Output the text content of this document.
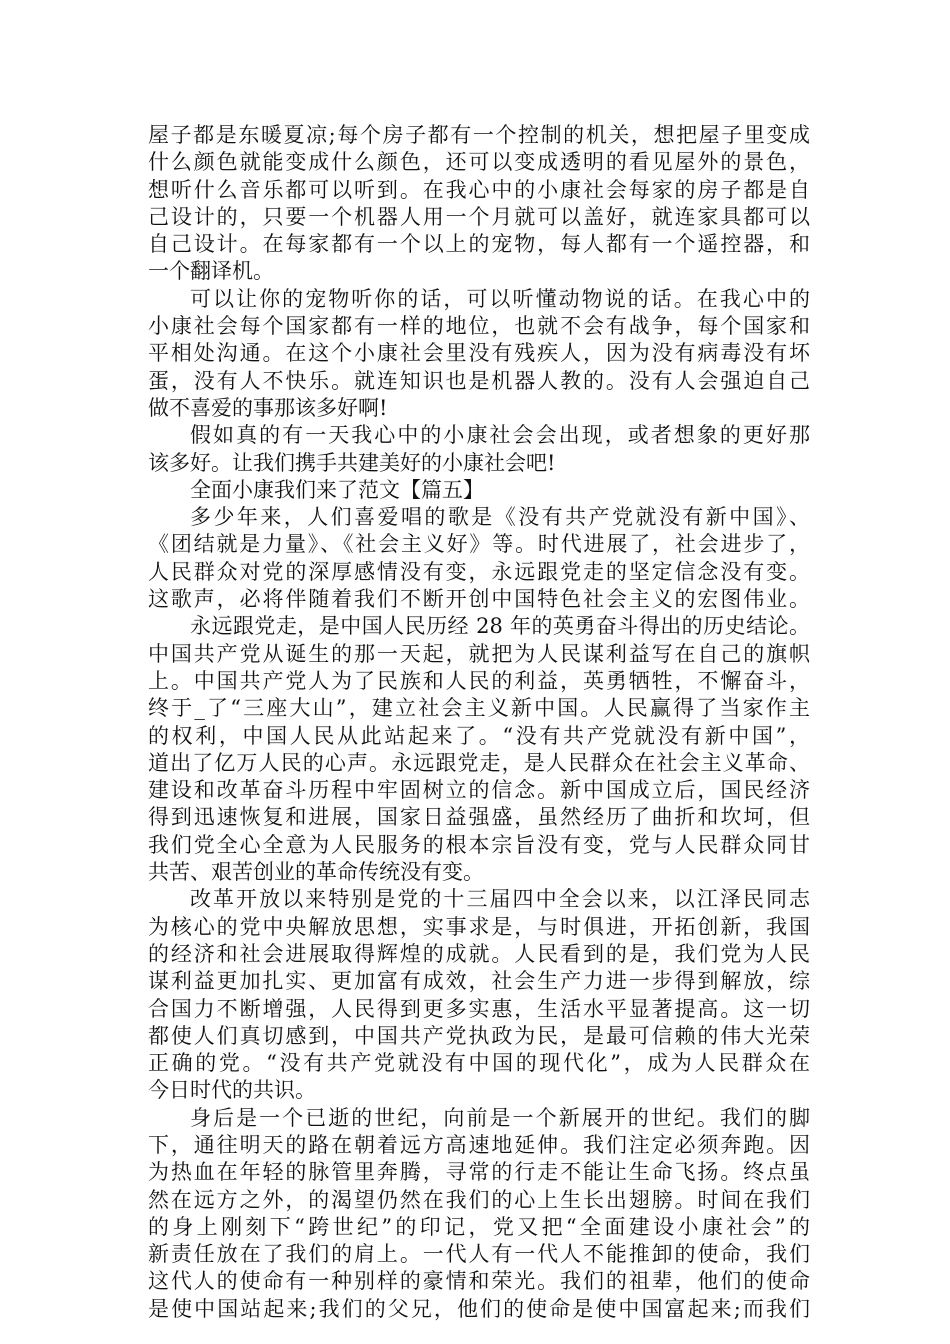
屋子都是东暖夏凉;每个房子都有一个控制的机关，想把屋子里变成
什么颜色就能变成什么颜色，还可以变成透明的看见屋外的景色，
想听什么音乐都可以听到。在我心中的小康社会每家的房子都是自
己设计的，只要一个机器人用一个月就可以盖好，就连家具都可以
自己设计。在每家都有一个以上的宠物，每人都有一个遥控器，和
一个翻译机。
可以让你的宠物听你的话，可以听懂动物说的话。在我心中的
小康社会每个国家都有一样的地位，也就不会有战争，每个国家和
平相处沟通。在这个小康社会里没有残疾人，因为没有病毒没有坏
蛋，没有人不快乐。就连知识也是机器人教的。没有人会强迫自己
做不喜爱的事那该多好啊!
假如真的有一天我心中的小康社会会出现，或者想象的更好那
该多好。让我们携手共建美好的小康社会吧!
全面小康我们来了范文【篇五】
多少年来，人们喜爱唱的歌是《没有共产党就没有新中国》、
《团结就是力量》、《社会主义好》等。时代进展了，社会进步了，
人民群众对党的深厚感情没有变，永远跟党走的坚定信念没有变。
这歌声，必将伴随着我们不断开创中国特色社会主义的宏图伟业。
永远跟党走，是中国人民历经 28 年的英勇奋斗得出的历史结论。
中国共产党从诞生的那一天起，就把为人民谋利益写在自己的旗帜
上。中国共产党人为了民族和人民的利益，英勇牺牲，不懈奋斗，
终于_了“三座大山”，建立社会主义新中国。人民赢得了当家作主
的权利，中国人民从此站起来了。“没有共产党就没有新中国”，
道出了亿万人民的心声。永远跟党走，是人民群众在社会主义革命、
建设和改革奋斗历程中牢固树立的信念。新中国成立后，国民经济
得到迅速恢复和进展，国家日益强盛，虽然经历了曲折和坎坷，但
我们党全心全意为人民服务的根本宗旨没有变，党与人民群众同甘
共苦、艰苦创业的革命传统没有变。
改革开放以来特别是党的十三届四中全会以来，以江泽民同志
为核心的党中央解放思想，实事求是，与时俱进，开拓创新，我国
的经济和社会进展取得辉煌的成就。人民看到的是，我们党为人民
谋利益更加扎实、更加富有成效，社会生产力进一步得到解放，综
合国力不断增强，人民得到更多实惠，生活水平显著提高。这一切
都使人们真切感到，中国共产党执政为民，是最可信赖的伟大光荣
正确的党。“没有共产党就没有中国的现代化”，成为人民群众在
今日时代的共识。
身后是一个已逝的世纪，向前是一个新展开的世纪。我们的脚
下，通往明天的路在朝着远方高速地延伸。我们注定必须奔跑。因
为热血在年轻的脉管里奔腾，寻常的行走不能让生命飞扬。终点虽
然在远方之外，的渴望仍然在我们的心上生长出翅膀。时间在我们
的身上刚刻下“跨世纪”的印记，党又把“全面建设小康社会”的
新责任放在了我们的肩上。一代人有一代人不能推卸的使命，我们
这代人的使命有一种别样的豪情和荣光。我们的祖辈，他们的使命
是使中国站起来;我们的父兄，他们的使命是使中国富起来;而我们
